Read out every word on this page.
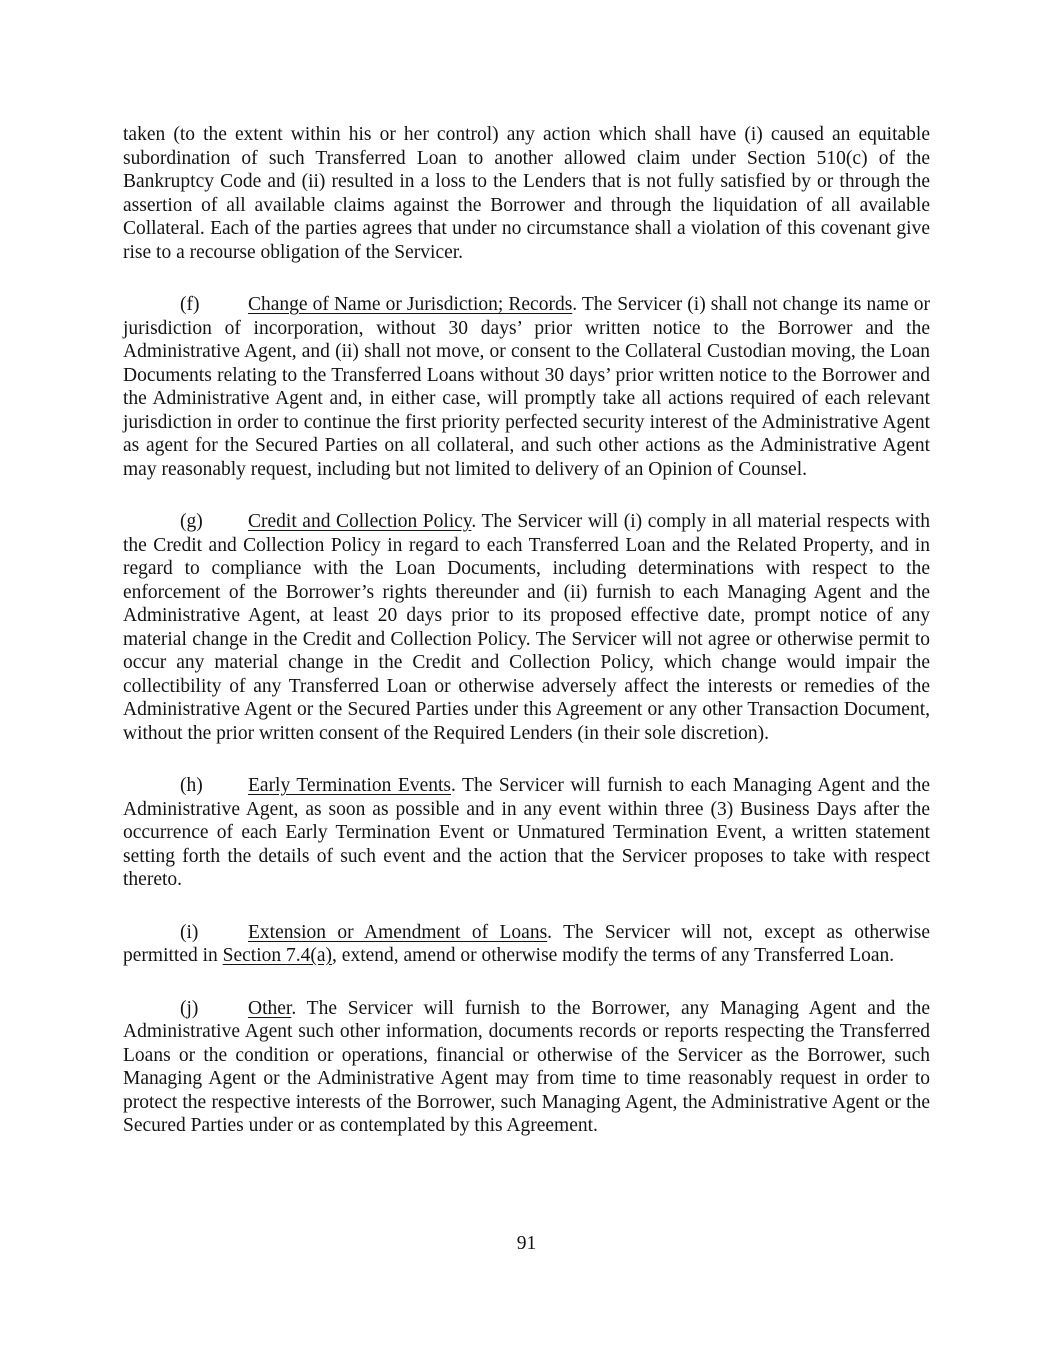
taken (to the extent within his or her control) any action which shall have (i) caused an equitable subordination of such Transferred Loan to another allowed claim under Section 510(c) of the Bankruptcy Code and (ii) resulted in a loss to the Lenders that is not fully satisfied by or through the assertion of all available claims against the Borrower and through the liquidation of all available Collateral. Each of the parties agrees that under no circumstance shall a violation of this covenant give rise to a recourse obligation of the Servicer.

(f) Change of Name or Jurisdiction; Records. The Servicer (i) shall not change its name or jurisdiction of incorporation, without 30 days’ prior written notice to the Borrower and the Administrative Agent, and (ii) shall not move, or consent to the Collateral Custodian moving, the Loan Documents relating to the Transferred Loans without 30 days’ prior written notice to the Borrower and the Administrative Agent and, in either case, will promptly take all actions required of each relevant jurisdiction in order to continue the first priority perfected security interest of the Administrative Agent as agent for the Secured Parties on all collateral, and such other actions as the Administrative Agent may reasonably request, including but not limited to delivery of an Opinion of Counsel.

(g) Credit and Collection Policy. The Servicer will (i) comply in all material respects with the Credit and Collection Policy in regard to each Transferred Loan and the Related Property, and in regard to compliance with the Loan Documents, including determinations with respect to the enforcement of the Borrower’s rights thereunder and (ii) furnish to each Managing Agent and the Administrative Agent, at least 20 days prior to its proposed effective date, prompt notice of any material change in the Credit and Collection Policy. The Servicer will not agree or otherwise permit to occur any material change in the Credit and Collection Policy, which change would impair the collectibility of any Transferred Loan or otherwise adversely affect the interests or remedies of the Administrative Agent or the Secured Parties under this Agreement or any other Transaction Document, without the prior written consent of the Required Lenders (in their sole discretion).

(h) Early Termination Events. The Servicer will furnish to each Managing Agent and the Administrative Agent, as soon as possible and in any event within three (3) Business Days after the occurrence of each Early Termination Event or Unmatured Termination Event, a written statement setting forth the details of such event and the action that the Servicer proposes to take with respect thereto.

(i)	Extension or Amendment of Loans. The Servicer will not, except as otherwise permitted in Section 7.4(a), extend, amend or otherwise modify the terms of any Transferred Loan.

(j)	Other. The Servicer will furnish to the Borrower, any Managing Agent and the Administrative Agent such other information, documents records or reports respecting the Transferred Loans or the condition or operations, financial or otherwise of the Servicer as the Borrower, such Managing Agent or the Administrative Agent may from time to time reasonably request in order to protect the respective interests of the Borrower, such Managing Agent, the Administrative Agent or the Secured Parties under or as contemplated by this Agreement.

91
